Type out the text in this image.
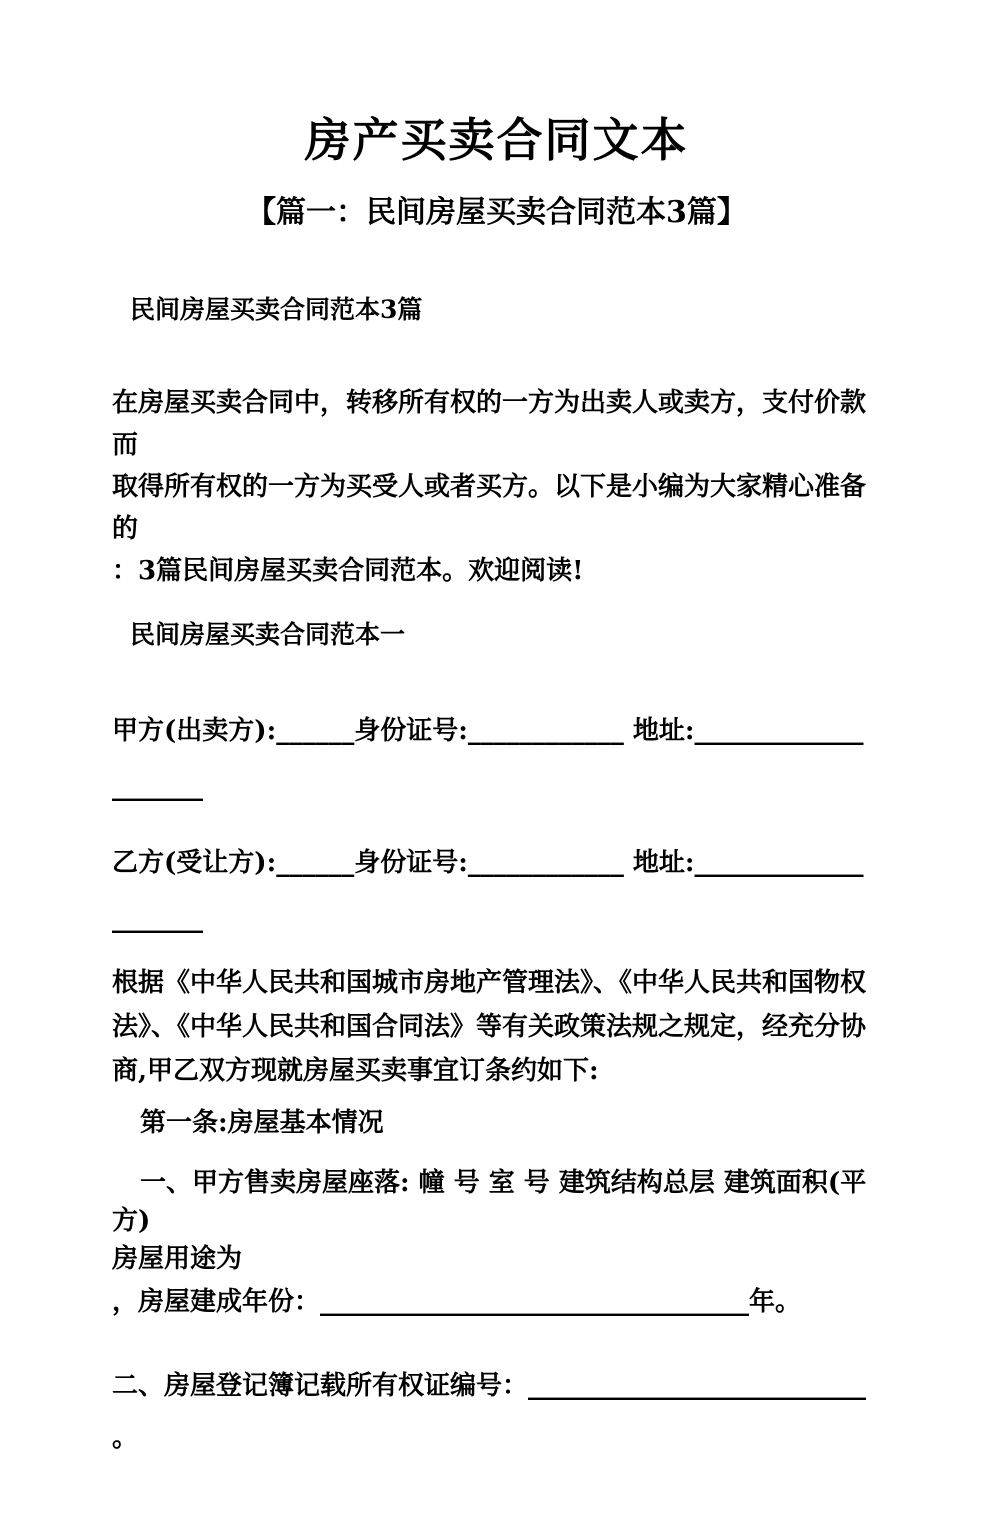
房产买卖合同文本
【篇一：民间房屋买卖合同范本3篇】
民间房屋买卖合同范本3篇
在房屋买卖合同中，转移所有权的一方为出卖人或卖方，支付价款而
取得所有权的一方为买受人或者买方。以下是小编为大家精心准备的
：3篇民间房屋买卖合同范本。欢迎阅读!
民间房屋买卖合同范本一
甲方(出卖方):______身份证号:____________ 地址:_____________
_______
乙方(受让方):______身份证号:____________ 地址:_____________
_______
根据《中华人民共和国城市房地产管理法》、《中华人民共和国物权
法》、《中华人民共和国合同法》等有关政策法规之规定，经充分协
商,甲乙双方现就房屋买卖事宜订条约如下:
第一条:房屋基本情况
一、甲方售卖房屋座落: 幢 号 室 号 建筑结构总层 建筑面积(平方)
房屋用途为
，房屋建成年份：_________________________________年。
二、房屋登记簿记载所有权证编号：__________________________
。
